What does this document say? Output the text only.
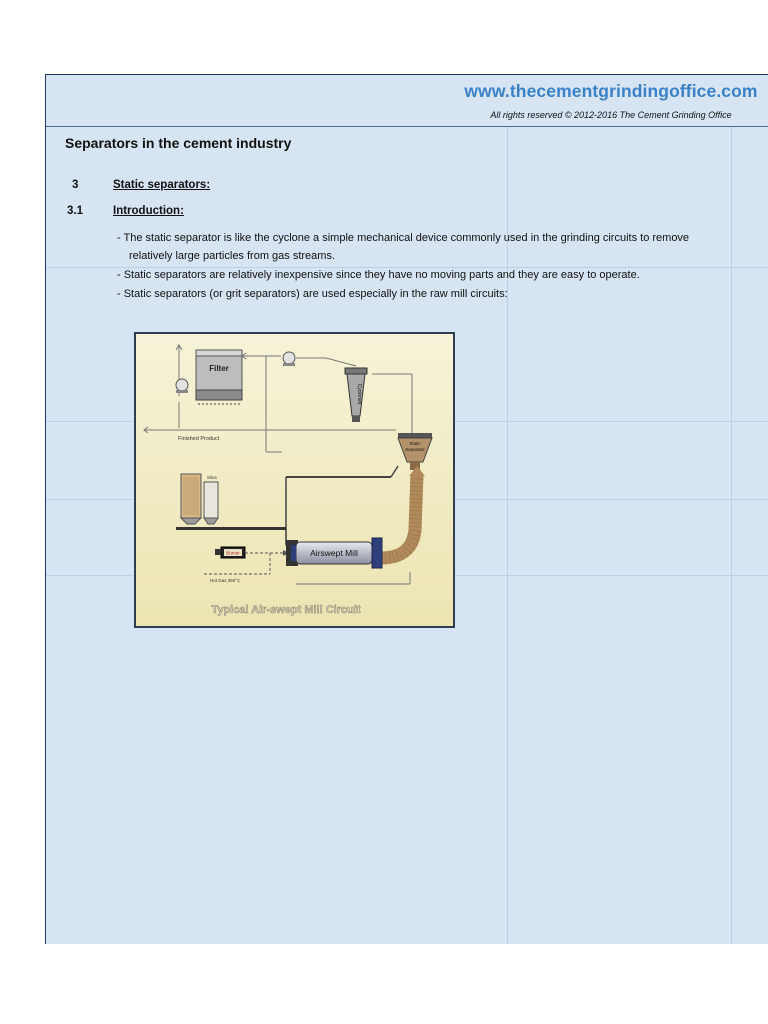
www.thecementgrindingoffice.com
All rights reserved © 2012-2016 The Cement Grinding Office
Separators in the cement industry
3	Static separators:
3.1	Introduction:
- The static separator is like the cyclone a simple mechanical device commonly used in the grinding circuits to remove
relatively large particles from gas streams.
- Static separators are relatively inexpensive since they have no moving parts and they are easy to operate.
- Static separators (or grit separators) are used especially in the raw mill circuits:
Filter
Cyclones
Static
Separator
Silos
Finished Product
Burner
Hot Gas 350°C
Airswept Mill
Typical Air-swept Mill Circuit
